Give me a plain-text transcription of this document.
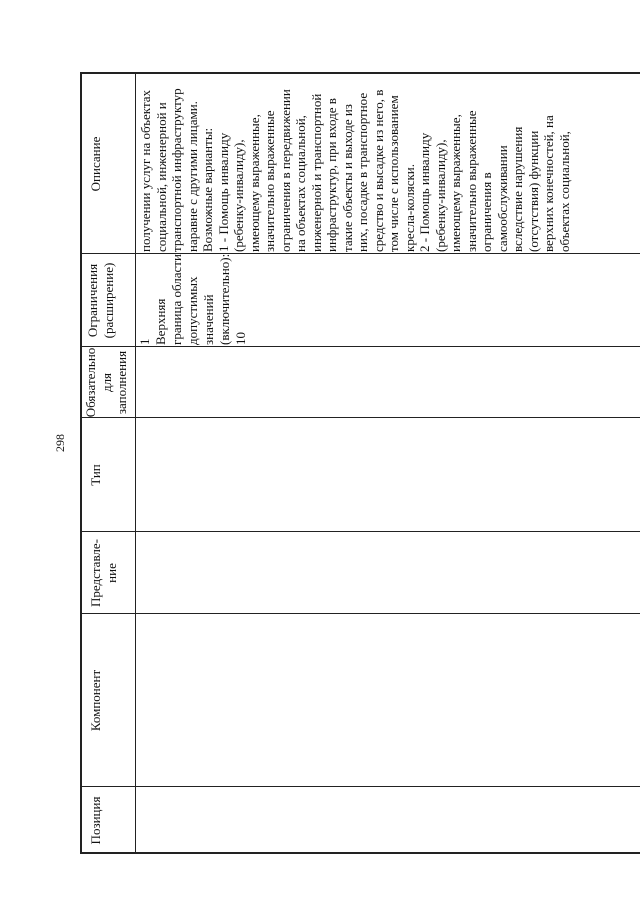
298
Позиция
Компонент
Представле-
ние
Тип
Обязательно
для
заполнения
Ограничения
(расширение)
Описание
1
Верхняя
граница области
допустимых
значений
(включительно):
10
получении услуг на объектах
социальной, инженерной и
транспортной инфраструктур
наравне с другими лицами.
Возможные варианты:
1 - Помощь инвалиду
(ребенку-инвалиду),
имеющему выраженные,
значительно выраженные
ограничения в передвижении
на объектах социальной,
инженерной и транспортной
инфраструктур, при входе в
такие объекты и выходе из
них, посадке в транспортное
средство и высадке из него, в
том числе с использованием
кресла-коляски.
2 - Помощь инвалиду
(ребенку-инвалиду),
имеющему выраженные,
значительно выраженные
ограничения в
самообслуживании
вследствие нарушения
(отсутствия) функции
верхних конечностей, на
объектах социальной,
